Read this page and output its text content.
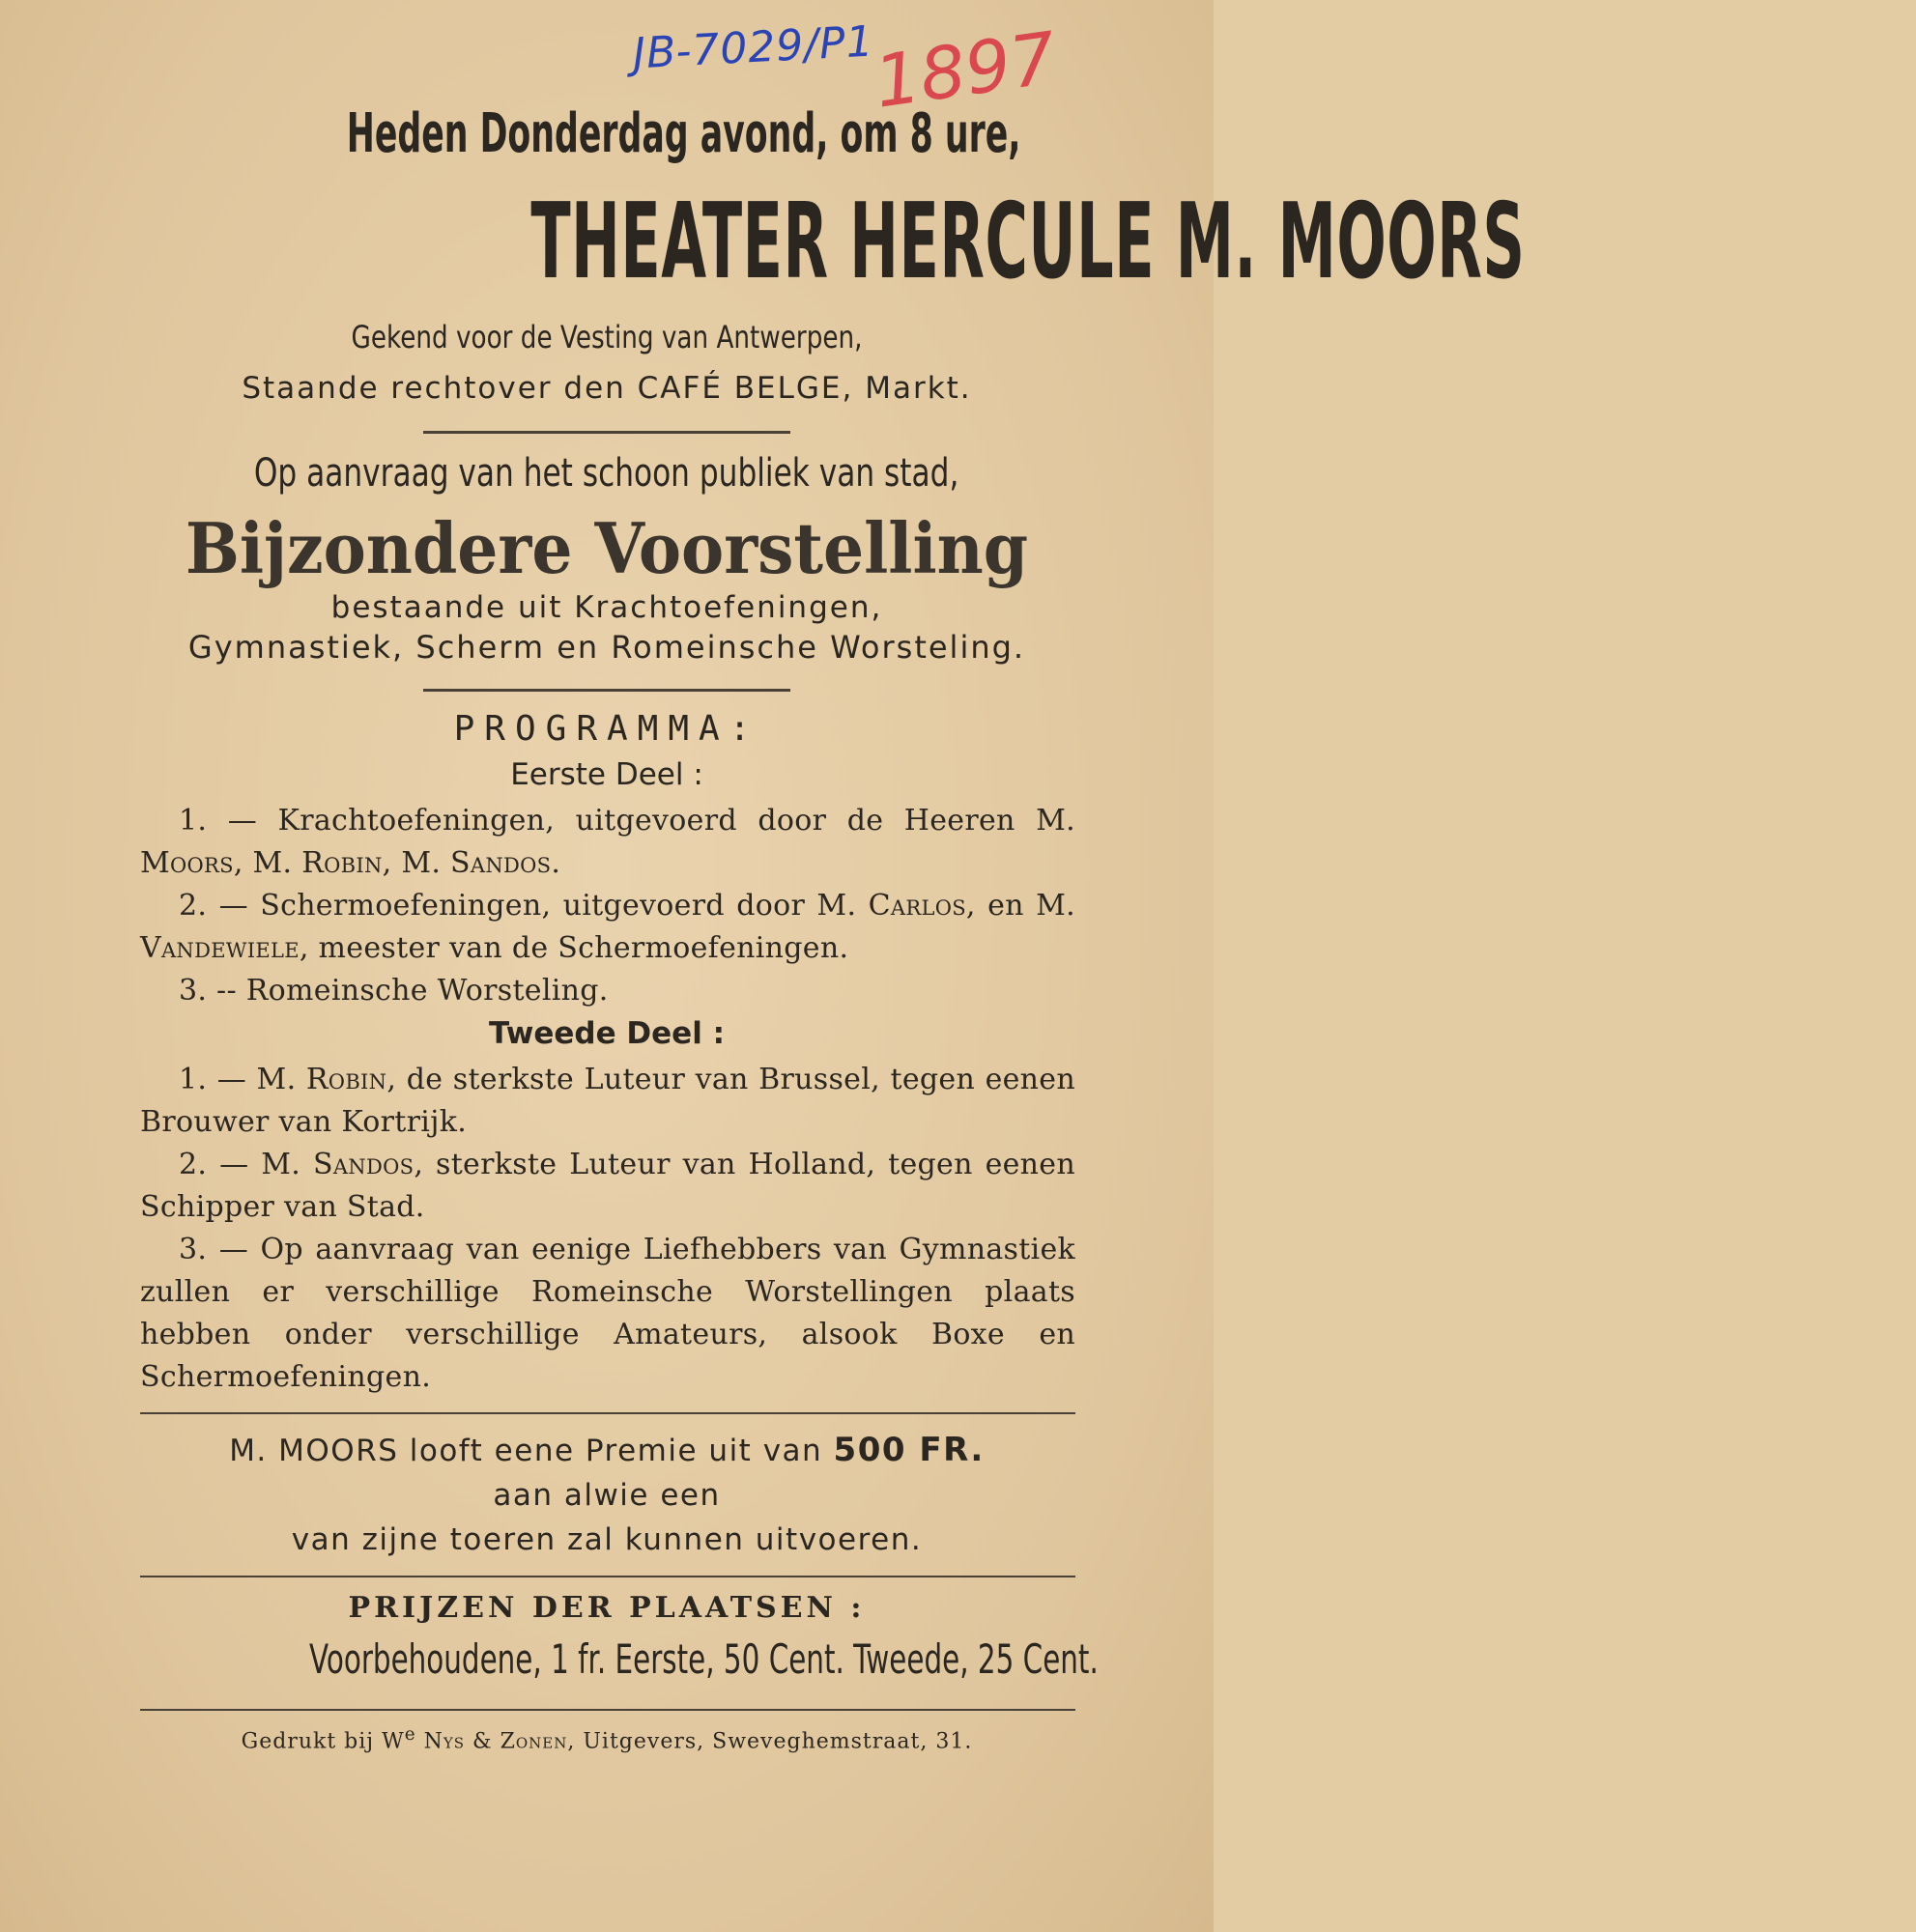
JB-7029/P1
1897
Heden Donderdag avond, om 8 ure,
THEATER HERCULE M. MOORS
Gekend voor de Vesting van Antwerpen,
Staande rechtover den CAFÉ BELGE, Markt.
Op aanvraag van het schoon publiek van stad,
Bijzondere Voorstelling
bestaande uit Krachtoefeningen,
Gymnastiek, Scherm en Romeinsche Worsteling.
PROGRAMMA:
Eerste Deel :

1. — Krachtoefeningen, uitgevoerd door de Heeren M. Moors, M. Robin, M. Sandos.

2. — Schermoefeningen, uitgevoerd door M. Carlos, en M. Vandewiele, meester van de Schermoefeningen.

3. -- Romeinsche Worsteling.

Tweede Deel :

1. — M. Robin, de sterkste Luteur van Brussel, tegen eenen Brouwer van Kortrijk.

2. — M. Sandos, sterkste Luteur van Holland, tegen eenen Schipper van Stad.

3. — Op aanvraag van eenige Liefhebbers van Gymnastiek zullen er verschillige Romeinsche Worstellingen plaats hebben onder verschillige Amateurs, alsook Boxe en Schermoefeningen.

M. MOORS looft eene Premie uit van 500 FR.
aan alwie een
van zijne toeren zal kunnen uitvoeren.
PRIJZEN DER PLAATSEN :
Voorbehoudene, 1 fr. Eerste, 50 Cent. Tweede, 25 Cent.
Gedrukt bij $W^e$ Nys & Zonen, Uitgevers, Sweveghemstraat, 31.
